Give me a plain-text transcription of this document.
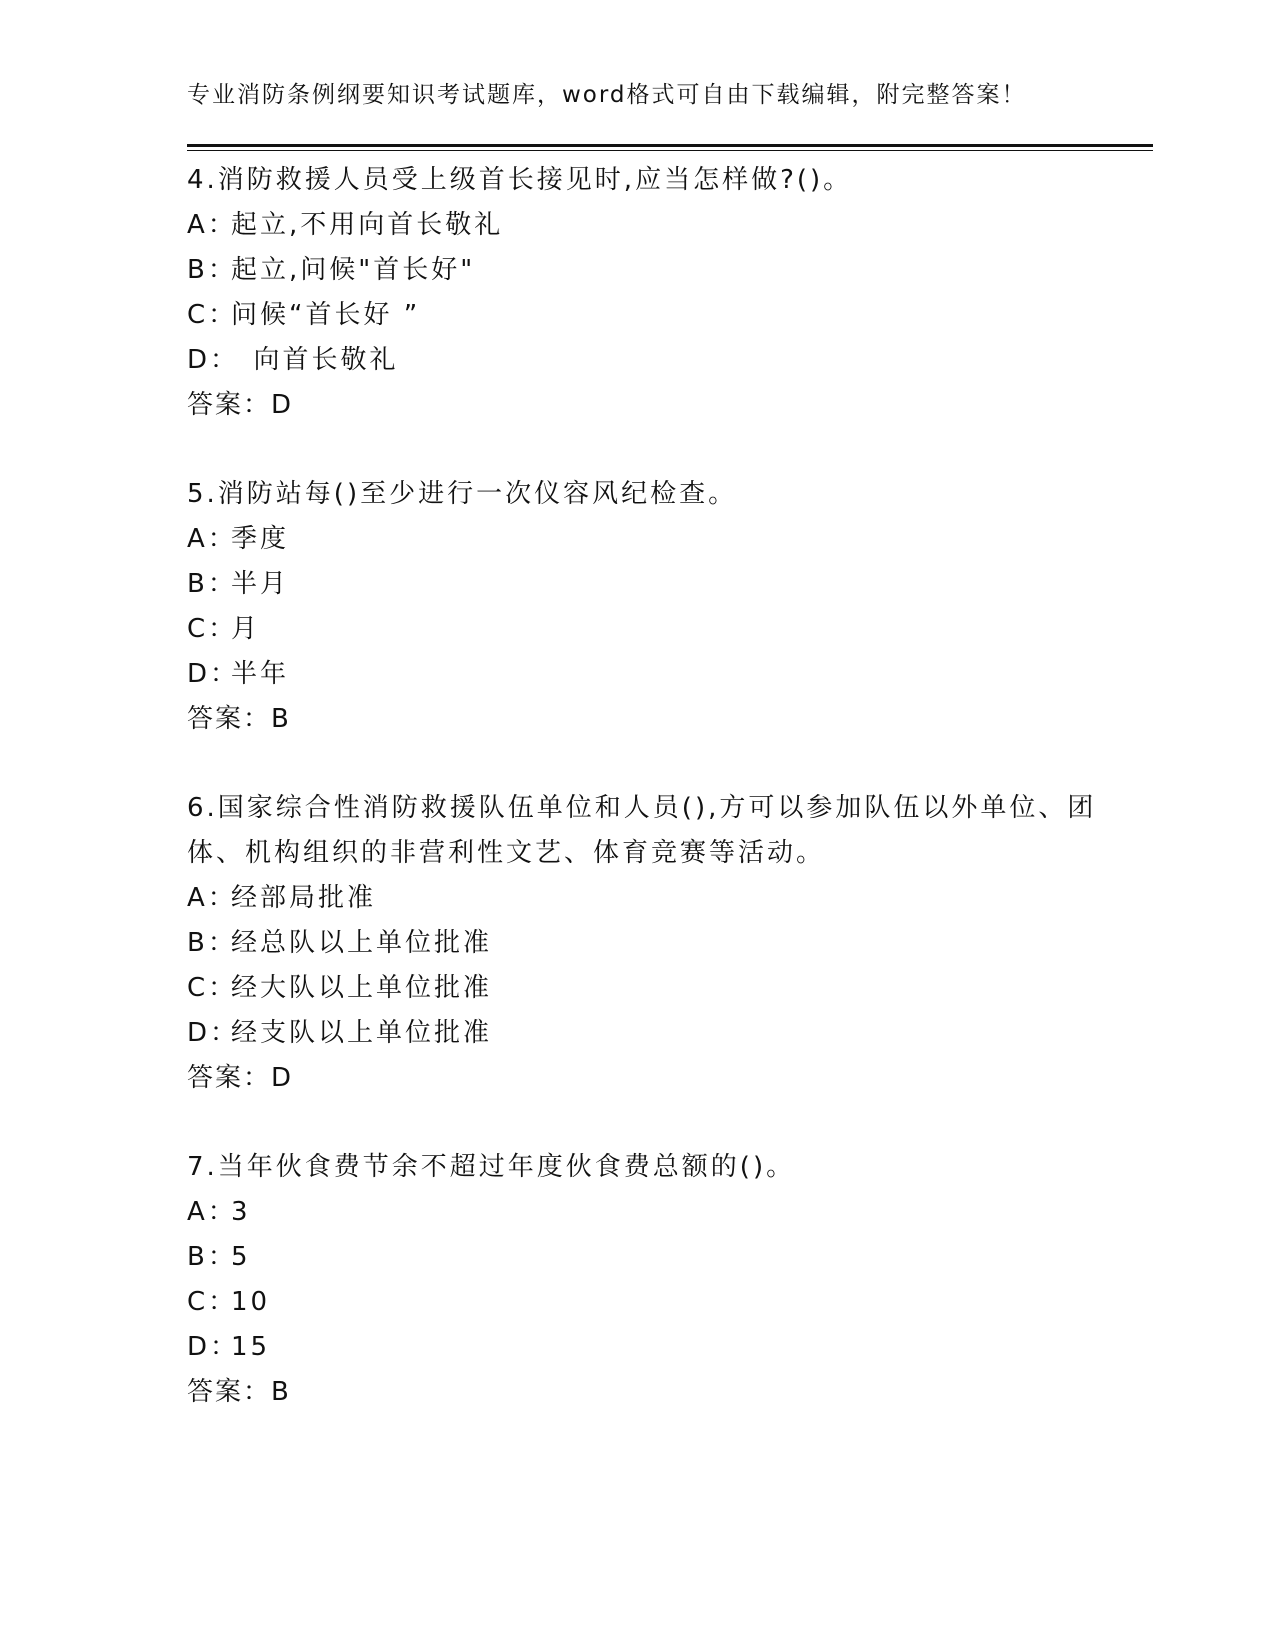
专业消防条例纲要知识考试题库，word格式可自由下载编辑，附完整答案！

4.消防救援人员受上级首长接见时,应当怎样做?()。

A：起立,不用向首长敬礼

B：起立,问候"首长好"

C：问候“首长好 ”

D：  向首长敬礼

答案：D

5.消防站每()至少进行一次仪容风纪检查。

A：季度

B：半月

C：月

D：半年

答案：B

6.国家综合性消防救援队伍单位和人员(),方可以参加队伍以外单位、团体、机构组织的非营利性文艺、体育竞赛等活动。

A：经部局批准

B：经总队以上单位批准

C：经大队以上单位批准

D：经支队以上单位批准

答案：D

7.当年伙食费节余不超过年度伙食费总额的()。

A：3

B：5

C：10

D：15

答案：B
